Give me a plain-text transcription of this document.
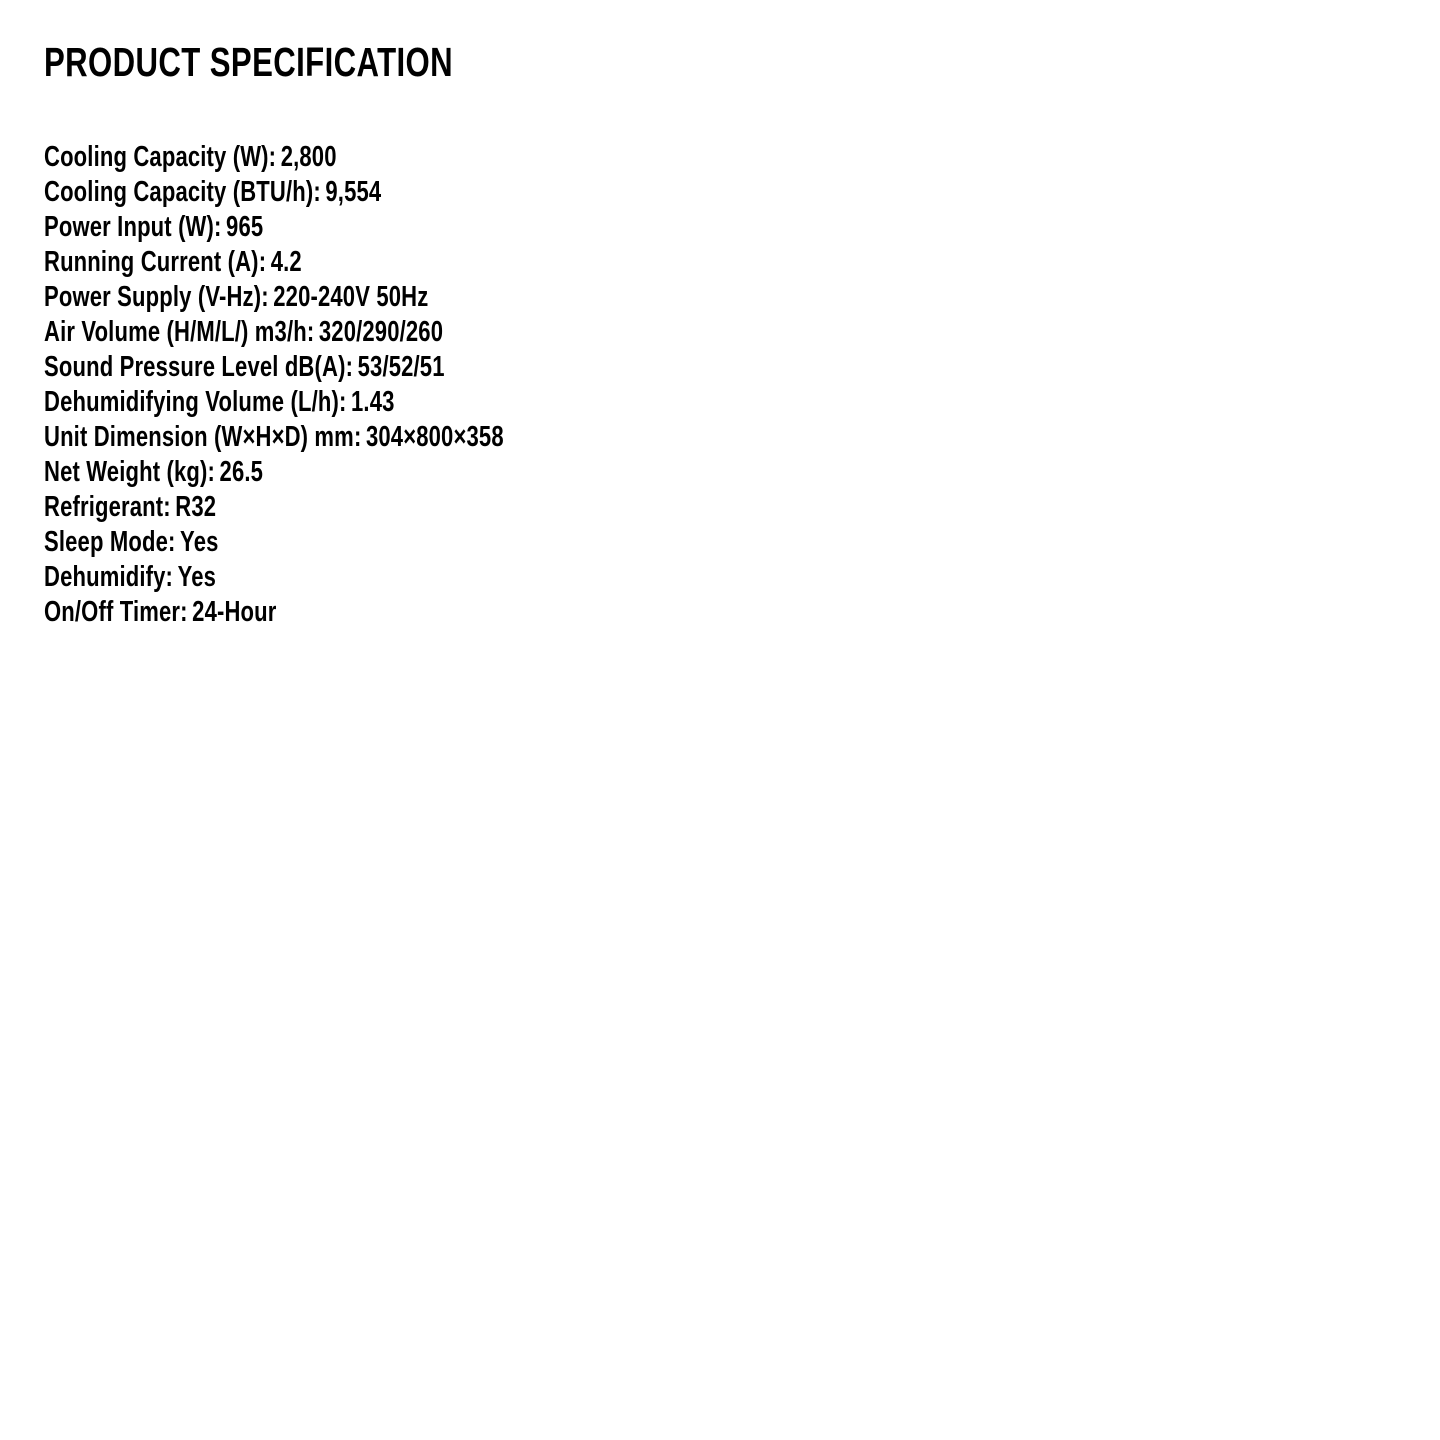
PRODUCT SPECIFICATION
Cooling Capacity (W): 2,800
Cooling Capacity (BTU/h): 9,554
Power Input (W): 965
Running Current (A): 4.2
Power Supply (V-Hz): 220-240V 50Hz
Air Volume (H/M/L/) m3/h: 320/290/260
Sound Pressure Level dB(A): 53/52/51
Dehumidifying Volume (L/h): 1.43
Unit Dimension (W×H×D) mm: 304×800×358
Net Weight (kg): 26.5
Refrigerant: R32
Sleep Mode: Yes
Dehumidify: Yes
On/Off Timer: 24-Hour
